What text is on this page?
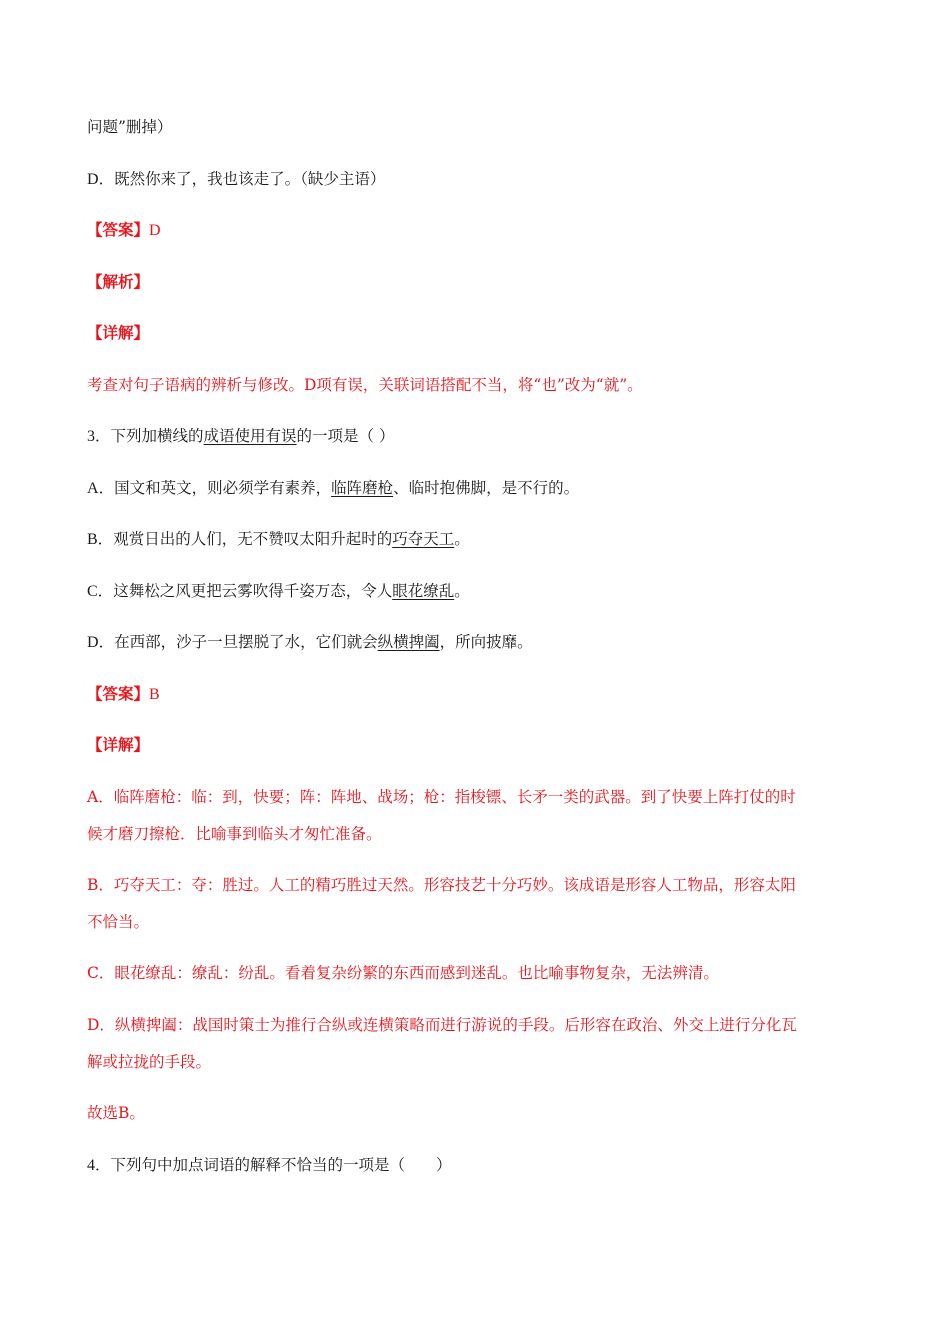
问题”删掉）
D．既然你来了，我也该走了。（缺少主语）
【答案】D
【解析】
【详解】
考查对句子语病的辨析与修改。D项有误，关联词语搭配不当，将“也”改为“就”。
3．下列加横线的成语使用有误的一项是（ ）
A．国文和英文，则必须学有素养，临阵磨枪、临时抱佛脚，是不行的。
B．观赏日出的人们，无不赞叹太阳升起时的巧夺天工。
C．这舞松之风更把云雾吹得千姿万态，令人眼花缭乱。
D．在西部，沙子一旦摆脱了水，它们就会纵横捭阖，所向披靡。
【答案】B
【详解】
A．临阵磨枪：临：到，快要；阵：阵地、战场；枪：指梭镖、长矛一类的武器。到了快要上阵打仗的时
候才磨刀擦枪．比喻事到临头才匆忙准备。
B．巧夺天工：夺：胜过。人工的精巧胜过天然。形容技艺十分巧妙。该成语是形容人工物品，形容太阳
不恰当。
C．眼花缭乱：缭乱：纷乱。看着复杂纷繁的东西而感到迷乱。也比喻事物复杂，无法辨清。
D．纵横捭阖：战国时策士为推行合纵或连横策略而进行游说的手段。后形容在政治、外交上进行分化瓦
解或拉拢的手段。
故选B。
4．下列句中加点词语的解释不恰当的一项是（　　）
